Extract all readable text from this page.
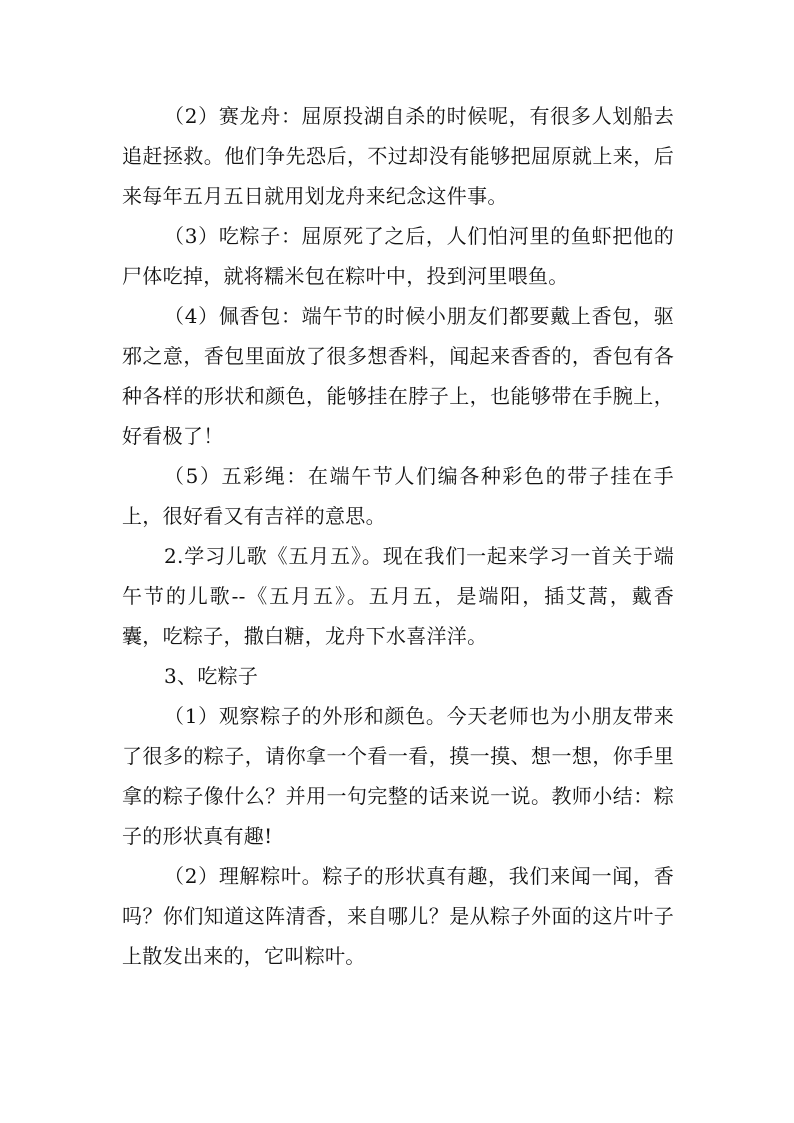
（2）赛龙舟：屈原投湖自杀的时候呢，有很多人划船去追赶拯救。他们争先恐后，不过却没有能够把屈原就上来，后来每年五月五日就用划龙舟来纪念这件事。

（3）吃粽子：屈原死了之后，人们怕河里的鱼虾把他的尸体吃掉，就将糯米包在粽叶中，投到河里喂鱼。

（4）佩香包：端午节的时候小朋友们都要戴上香包，驱邪之意，香包里面放了很多想香料，闻起来香香的，香包有各种各样的形状和颜色，能够挂在脖子上，也能够带在手腕上，好看极了！

（5）五彩绳：在端午节人们编各种彩色的带子挂在手上，很好看又有吉祥的意思。

2.学习儿歌《五月五》。现在我们一起来学习一首关于端午节的儿歌--《五月五》。五月五，是端阳，插艾蒿，戴香囊，吃粽子，撒白糖，龙舟下水喜洋洋。

3、吃粽子

（1）观察粽子的外形和颜色。今天老师也为小朋友带来了很多的粽子，请你拿一个看一看，摸一摸、想一想，你手里拿的粽子像什么？并用一句完整的话来说一说。教师小结：粽子的形状真有趣!

（2）理解粽叶。粽子的形状真有趣，我们来闻一闻，香吗？你们知道这阵清香，来自哪儿？是从粽子外面的这片叶子上散发出来的，它叫粽叶。
